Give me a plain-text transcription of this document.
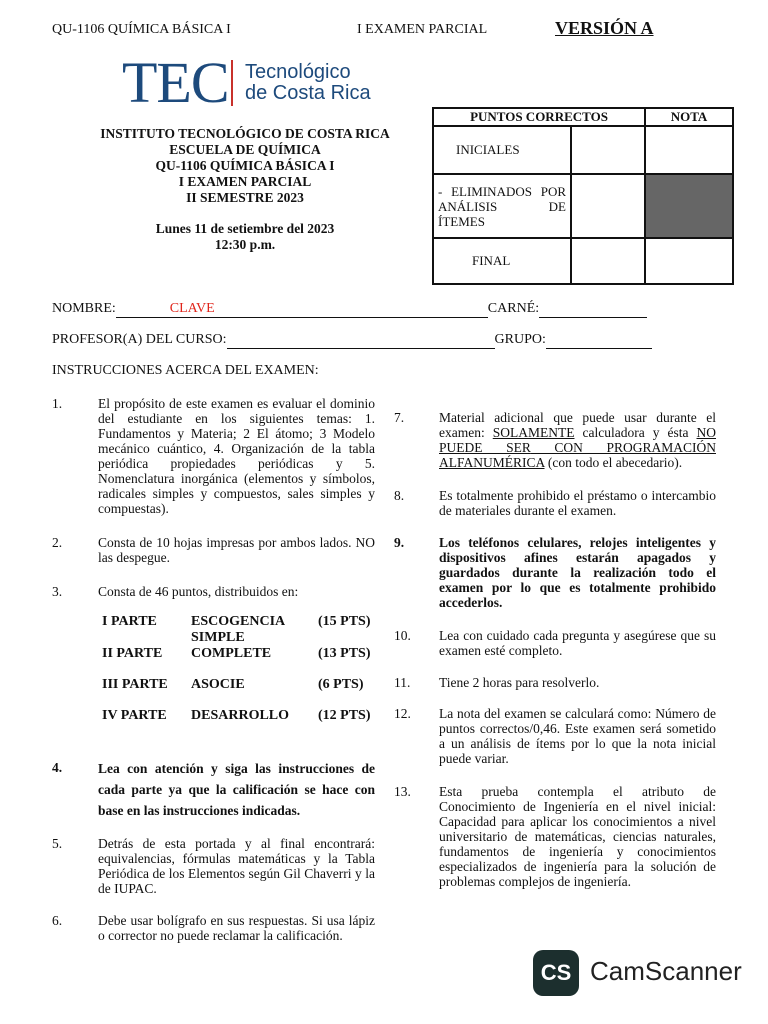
QU-1106 QUÍMICA BÁSICA I	I EXAMEN PARCIAL	VERSIÓN A
TEC Tecnológico
de Costa Rica
INSTITUTO TECNOLÓGICO DE COSTA RICA
ESCUELA DE QUÍMICA
QU-1106 QUÍMICA BÁSICA I
I EXAMEN PARCIAL
II SEMESTRE 2023
Lunes 11 de setiembre del 2023
12:30 p.m.
PUNTOS CORRECTOS		NOTA
INICIALES		
- ELIMINADOS POR ANÁLISIS DE ÍTEMES		
FINAL		
NOMBRE:	CLAVE	CARNÉ:
PROFESOR(A) DEL CURSO:	GRUPO:
INSTRUCCIONES ACERCA DEL EXAMEN:
1.	El propósito de este examen es evaluar el dominio del estudiante en los siguientes temas: 1. Fundamentos y Materia; 2 El átomo; 3 Modelo mecánico cuántico, 4. Organización de la tabla periódica propiedades periódicas y 5. Nomenclatura inorgánica (elementos y símbolos, radicales simples y compuestos, sales simples y compuestas).
2.	Consta de 10 hojas impresas por ambos lados. NO las despegue.
3.	Consta de 46 puntos, distribuidos en:
I PARTE	ESCOGENCIA SIMPLE	(15 PTS)
II PARTE	COMPLETE	(13 PTS)
III PARTE	ASOCIE	(6 PTS)
IV PARTE	DESARROLLO	(12 PTS)
4.	Lea con atención y siga las instrucciones de cada parte ya que la calificación se hace con base en las instrucciones indicadas.
5.	Detrás de esta portada y al final encontrará: equivalencias, fórmulas matemáticas y la Tabla Periódica de los Elementos según Gil Chaverri y la de IUPAC.
6.	Debe usar bolígrafo en sus respuestas. Si usa lápiz o corrector no puede reclamar la calificación.
7.	Material adicional que puede usar durante el examen: SOLAMENTE calculadora y ésta NO PUEDE SER CON PROGRAMACIÓN ALFANUMÉRICA (con todo el abecedario).
8.	Es totalmente prohibido el préstamo o intercambio de materiales durante el examen.
9.	Los teléfonos celulares, relojes inteligentes y dispositivos afines estarán apagados y guardados durante la realización todo el examen por lo que es totalmente prohibido accederlos.
10. Lea con cuidado cada pregunta y asegúrese que su examen esté completo.
11. Tiene 2 horas para resolverlo.
12. La nota del examen se calculará como: Número de puntos correctos/0,46. Este examen será sometido a un análisis de ítems por lo que la nota inicial puede variar.
13. Esta prueba contempla el atributo de Conocimiento de Ingeniería en el nivel inicial: Capacidad para aplicar los conocimientos a nivel universitario de matemáticas, ciencias naturales, fundamentos de ingeniería y conocimientos especializados de ingeniería para la solución de problemas complejos de ingeniería.
CS CamScanner
